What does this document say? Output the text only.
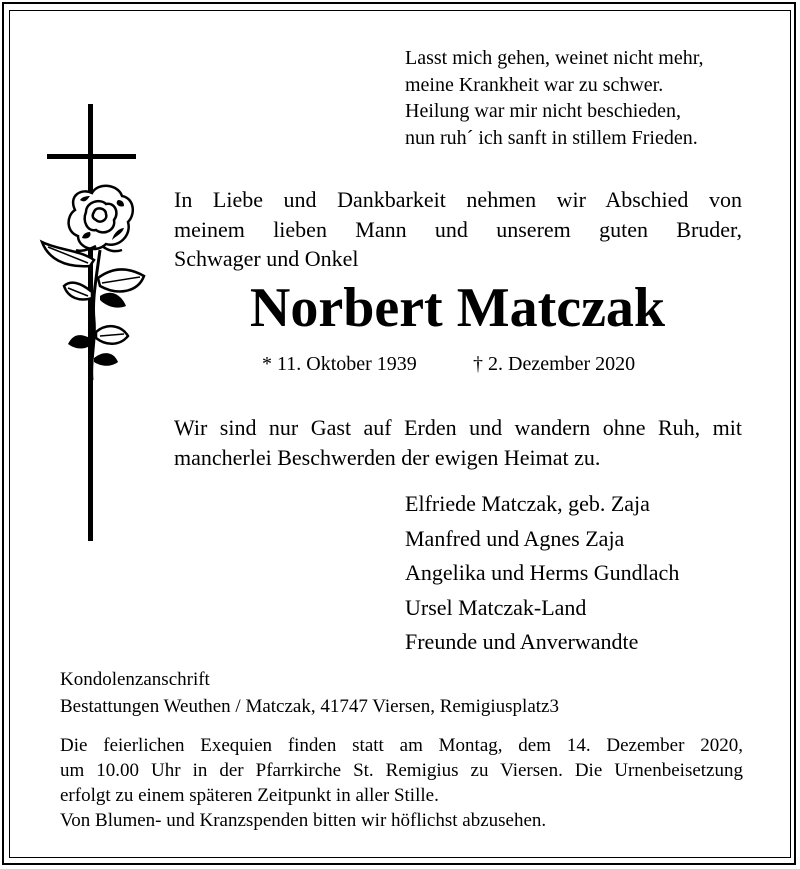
Lasst mich gehen, weinet nicht mehr,
meine Krankheit war zu schwer.
Heilung war mir nicht beschieden,
nun ruh´ ich sanft in stillem Frieden.
In Liebe und Dankbarkeit nehmen wir Abschied von
meinem lieben Mann und unserem guten Bruder,
Schwager und Onkel
Norbert Matczak
* 11. Oktober 1939	† 2. Dezember 2020
Wir sind nur Gast auf Erden und wandern ohne Ruh, mit
mancherlei Beschwerden der ewigen Heimat zu.
Elfriede Matczak, geb. Zaja
Manfred und Agnes Zaja
Angelika und Herms Gundlach
Ursel Matczak-Land
Freunde und Anverwandte
Kondolenzanschrift
Bestattungen Weuthen / Matczak, 41747 Viersen, Remigiusplatz3
Die feierlichen Exequien finden statt am Montag, dem 14. Dezember 2020,
um 10.00 Uhr in der Pfarrkirche St. Remigius zu Viersen. Die Urnenbeisetzung
erfolgt zu einem späteren Zeitpunkt in aller Stille.
Von Blumen- und Kranzspenden bitten wir höflichst abzusehen.
